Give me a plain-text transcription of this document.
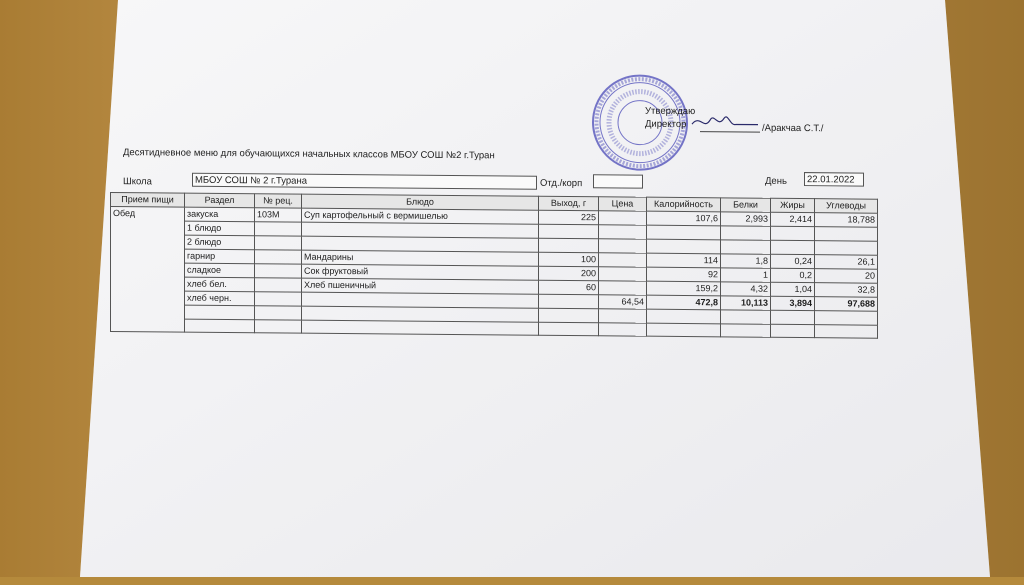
Утверждаю
Директор	/Аракчаа С.Т./
Десятидневное меню для обучающихся начальных классов МБОУ СОШ №2 г.Туран
Школа	МБОУ СОШ № 2 г.Турана	Отд./корп	День	22.01.2022
Прием пищи	Раздел	№ рец.	Блюдо	Выход, г	Цена	Калорийность	Белки	Жиры	Углеводы
Обед	закуска	103М	Суп картофельный с вермишелью	225		107,6	2,993	2,414	18,788
	1 блюдо								
	2 блюдо								
	гарнир		Мандарины	100		114	1,8	0,24	26,1
	сладкое		Сок фруктовый	200		92	1	0,2	20
	хлеб бел.		Хлеб пшеничный	60		159,2	4,32	1,04	32,8
	хлеб черн.				64,54	472,8	10,113	3,894	97,688
